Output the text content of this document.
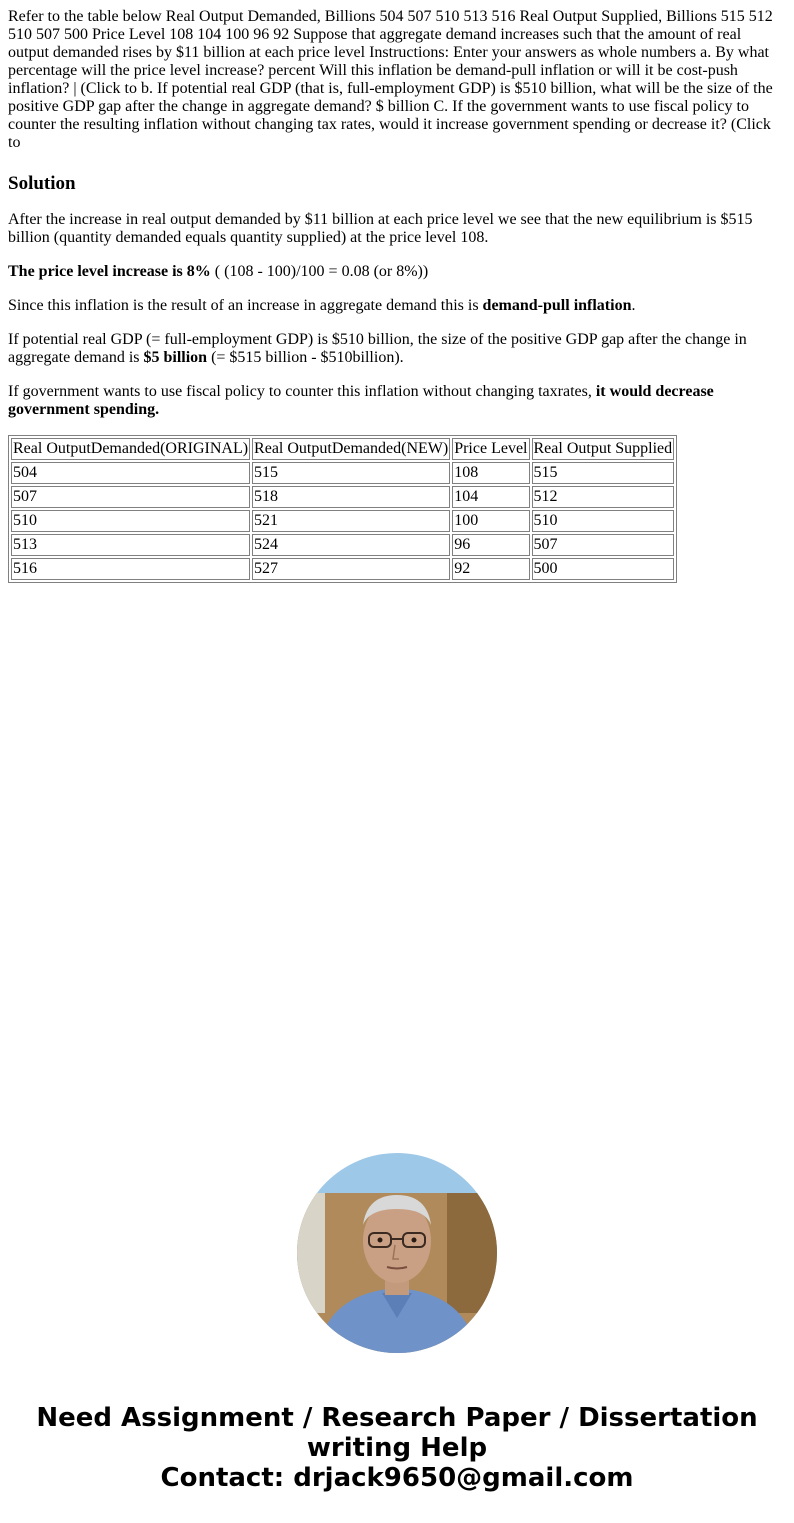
Refer to the table below Real Output Demanded, Billions 504 507 510 513 516 Real Output Supplied, Billions 515 512 510 507 500 Price Level 108 104 100 96 92 Suppose that aggregate demand increases such that the amount of real output demanded rises by $11 billion at each price level Instructions: Enter your answers as whole numbers a. By what percentage will the price level increase? percent Will this inflation be demand-pull inflation or will it be cost-push inflation? | (Click to b. If potential real GDP (that is, full-employment GDP) is $510 billion, what will be the size of the positive GDP gap after the change in aggregate demand? $ billion C. If the government wants to use fiscal policy to counter the resulting inflation without changing tax rates, would it increase government spending or decrease it? (Click to

Solution

After the increase in real output demanded by $11 billion at each price level we see that the new equilibrium is $515 billion (quantity demanded equals quantity supplied) at the price level 108.

The price level increase is 8% ( (108 - 100)/100 = 0.08 (or 8%))

Since this inflation is the result of an increase in aggregate demand this is demand-pull inflation.

If potential real GDP (= full-employment GDP) is $510 billion, the size of the positive GDP gap after the change in aggregate demand is $5 billion (= $515 billion - $510billion).

If government wants to use fiscal policy to counter this inflation without changing taxrates, it would decrease government spending.

Real OutputDemanded(ORIGINAL)	Real OutputDemanded(NEW)	Price Level	Real Output Supplied
504	515	108	515
507	518	104	512
510	521	100	510
513	524	96	507
516	527	92	500
Need Assignment / Research Paper / Dissertation
writing Help
Contact: drjack9650@gmail.com
